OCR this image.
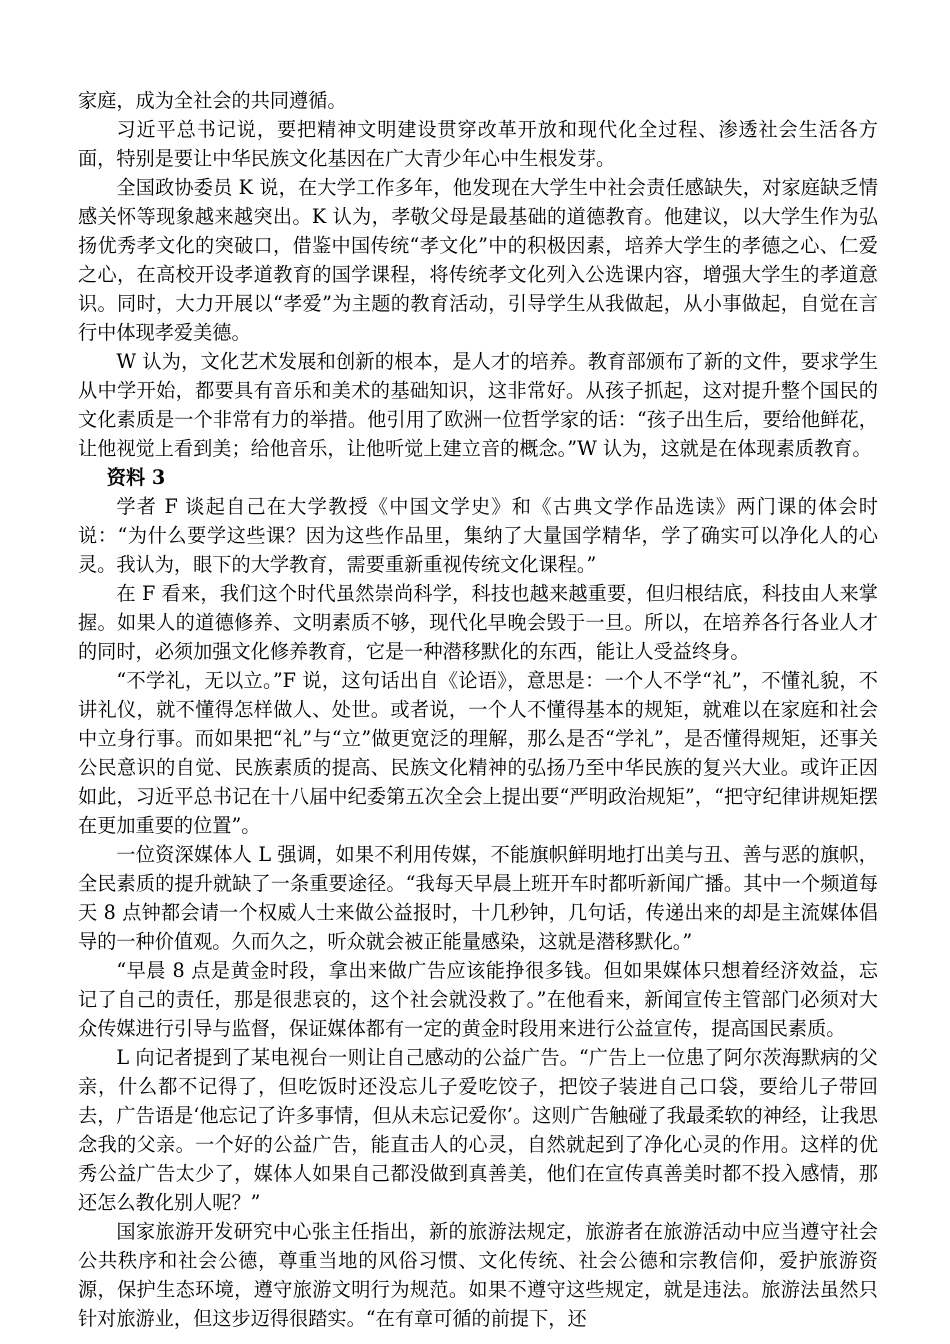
家庭，成为全社会的共同遵循。

习近平总书记说，要把精神文明建设贯穿改革开放和现代化全过程、渗透社会生活各方面，特别是要让中华民族文化基因在广大青少年心中生根发芽。

全国政协委员 K 说，在大学工作多年，他发现在大学生中社会责任感缺失，对家庭缺乏情感关怀等现象越来越突出。K 认为，孝敬父母是最基础的道德教育。他建议，以大学生作为弘扬优秀孝文化的突破口，借鉴中国传统“孝文化”中的积极因素，培养大学生的孝德之心、仁爱之心，在高校开设孝道教育的国学课程，将传统孝文化列入公选课内容，增强大学生的孝道意识。同时，大力开展以“孝爱”为主题的教育活动，引导学生从我做起，从小事做起，自觉在言行中体现孝爱美德。

W 认为，文化艺术发展和创新的根本，是人才的培养。教育部颁布了新的文件，要求学生从中学开始，都要具有音乐和美术的基础知识，这非常好。从孩子抓起，这对提升整个国民的文化素质是一个非常有力的举措。他引用了欧洲一位哲学家的话：“孩子出生后，要给他鲜花，让他视觉上看到美；给他音乐，让他听觉上建立音的概念。”W 认为，这就是在体现素质教育。

资料 3

学者 F 谈起自己在大学教授《中国文学史》和《古典文学作品选读》两门课的体会时说：“为什么要学这些课？因为这些作品里，集纳了大量国学精华，学了确实可以净化人的心灵。我认为，眼下的大学教育，需要重新重视传统文化课程。”

在 F 看来，我们这个时代虽然崇尚科学，科技也越来越重要，但归根结底，科技由人来掌握。如果人的道德修养、文明素质不够，现代化早晚会毁于一旦。所以，在培养各行各业人才的同时，必须加强文化修养教育，它是一种潜移默化的东西，能让人受益终身。

“不学礼，无以立。”F 说，这句话出自《论语》，意思是：一个人不学“礼”，不懂礼貌，不讲礼仪，就不懂得怎样做人、处世。或者说，一个人不懂得基本的规矩，就难以在家庭和社会中立身行事。而如果把“礼”与“立”做更宽泛的理解，那么是否“学礼”，是否懂得规矩，还事关公民意识的自觉、民族素质的提高、民族文化精神的弘扬乃至中华民族的复兴大业。或许正因如此，习近平总书记在十八届中纪委第五次全会上提出要“严明政治规矩”，“把守纪律讲规矩摆在更加重要的位置”。

一位资深媒体人 L 强调，如果不利用传媒，不能旗帜鲜明地打出美与丑、善与恶的旗帜，全民素质的提升就缺了一条重要途径。“我每天早晨上班开车时都听新闻广播。其中一个频道每天 8 点钟都会请一个权威人士来做公益报时，十几秒钟，几句话，传递出来的却是主流媒体倡导的一种价值观。久而久之，听众就会被正能量感染，这就是潜移默化。”

“早晨 8 点是黄金时段，拿出来做广告应该能挣很多钱。但如果媒体只想着经济效益，忘记了自己的责任，那是很悲哀的，这个社会就没救了。”在他看来，新闻宣传主管部门必须对大众传媒进行引导与监督，保证媒体都有一定的黄金时段用来进行公益宣传，提高国民素质。

L 向记者提到了某电视台一则让自己感动的公益广告。“广告上一位患了阿尔茨海默病的父亲，什么都不记得了，但吃饭时还没忘儿子爱吃饺子，把饺子装进自己口袋，要给儿子带回去，广告语是‘他忘记了许多事情，但从未忘记爱你’。这则广告触碰了我最柔软的神经，让我思念我的父亲。一个好的公益广告，能直击人的心灵，自然就起到了净化心灵的作用。这样的优秀公益广告太少了，媒体人如果自己都没做到真善美，他们在宣传真善美时都不投入感情，那还怎么教化别人呢？”

国家旅游开发研究中心张主任指出，新的旅游法规定，旅游者在旅游活动中应当遵守社会公共秩序和社会公德，尊重当地的风俗习惯、文化传统、社会公德和宗教信仰，爱护旅游资源，保护生态环境，遵守旅游文明行为规范。如果不遵守这些规定，就是违法。旅游法虽然只针对旅游业，但这步迈得很踏实。“在有章可循的前提下，还
